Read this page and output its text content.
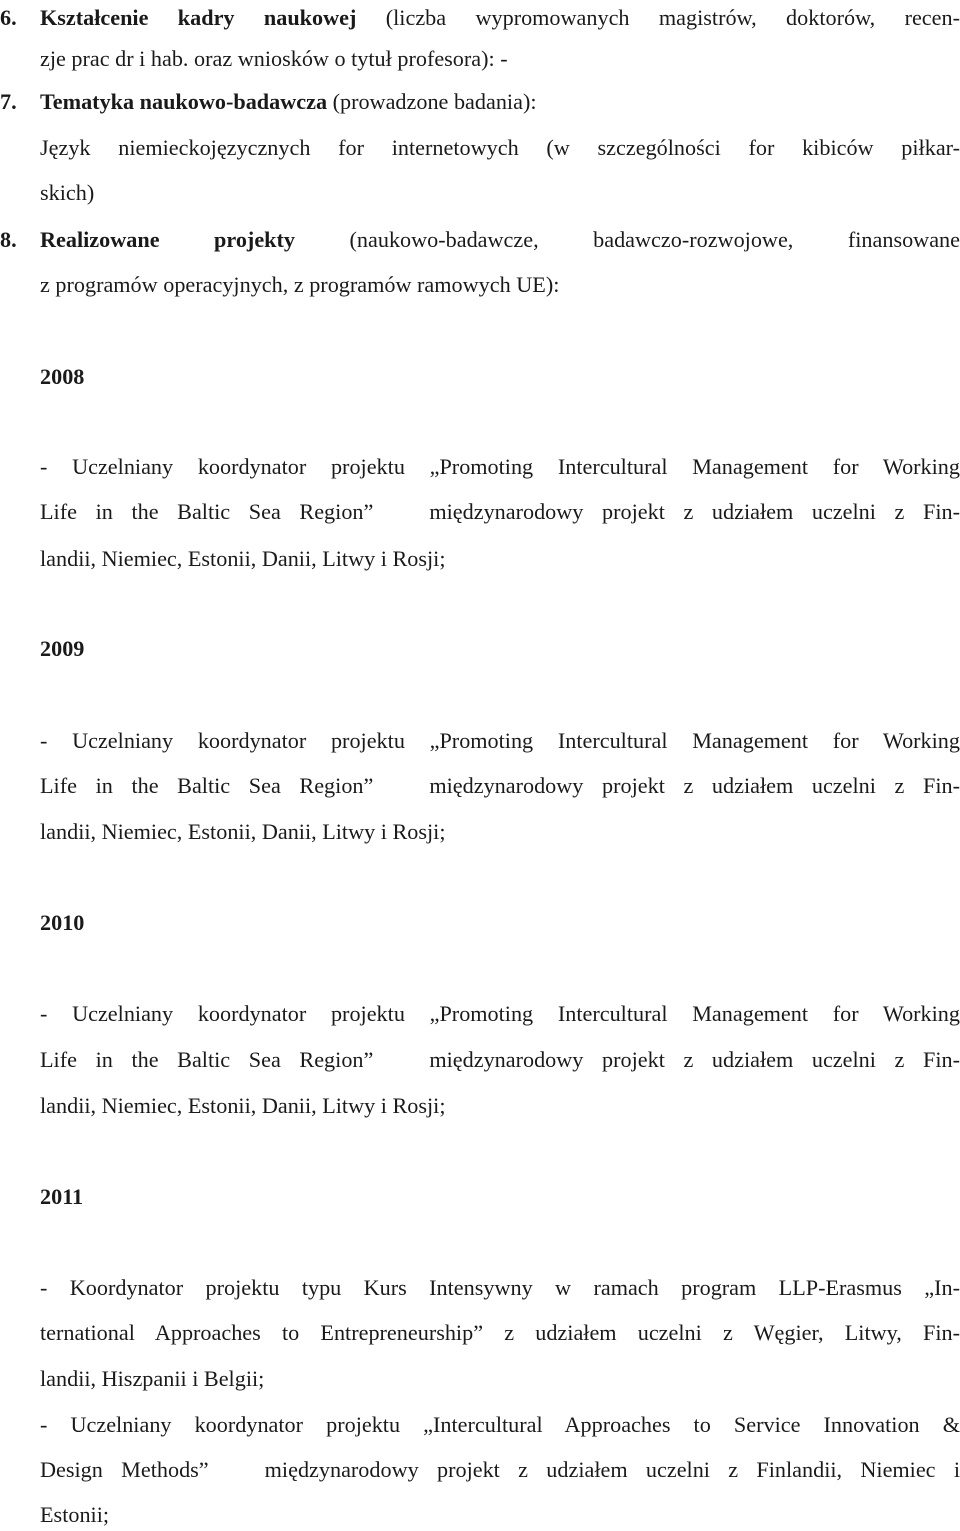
6. Kształcenie kadry naukowej (liczba wypromowanych magistrów, doktorów, recen-
zje prac dr i hab. oraz wniosków o tytuł profesora): -
7. Tematyka naukowo-badawcza (prowadzone badania):
Język niemieckojęzycznych for internetowych (w szczególności for kibiców piłkar-
skich)
8. Realizowane projekty (naukowo-badawcze, badawczo-rozwojowe, finansowane
z programów operacyjnych, z programów ramowych UE):
2008
- Uczelniany koordynator projektu „Promoting Intercultural Management for Working
Life in the Baltic Sea Region”	międzynarodowy projekt z udziałem uczelni z Fin-
landii, Niemiec, Estonii, Danii, Litwy i Rosji;
2009
- Uczelniany koordynator projektu „Promoting Intercultural Management for Working
Life in the Baltic Sea Region”	międzynarodowy projekt z udziałem uczelni z Fin-
landii, Niemiec, Estonii, Danii, Litwy i Rosji;
2010
- Uczelniany koordynator projektu „Promoting Intercultural Management for Working
Life in the Baltic Sea Region”	międzynarodowy projekt z udziałem uczelni z Fin-
landii, Niemiec, Estonii, Danii, Litwy i Rosji;
2011
- Koordynator projektu typu Kurs Intensywny w ramach program LLP-Erasmus „In-
ternational Approaches to Entrepreneurship” z udziałem uczelni z Węgier, Litwy, Fin-
landii, Hiszpanii i Belgii;
- Uczelniany koordynator projektu „Intercultural Approaches to Service Innovation &
Design Methods”	międzynarodowy projekt z udziałem uczelni z Finlandii, Niemiec i
Estonii;
